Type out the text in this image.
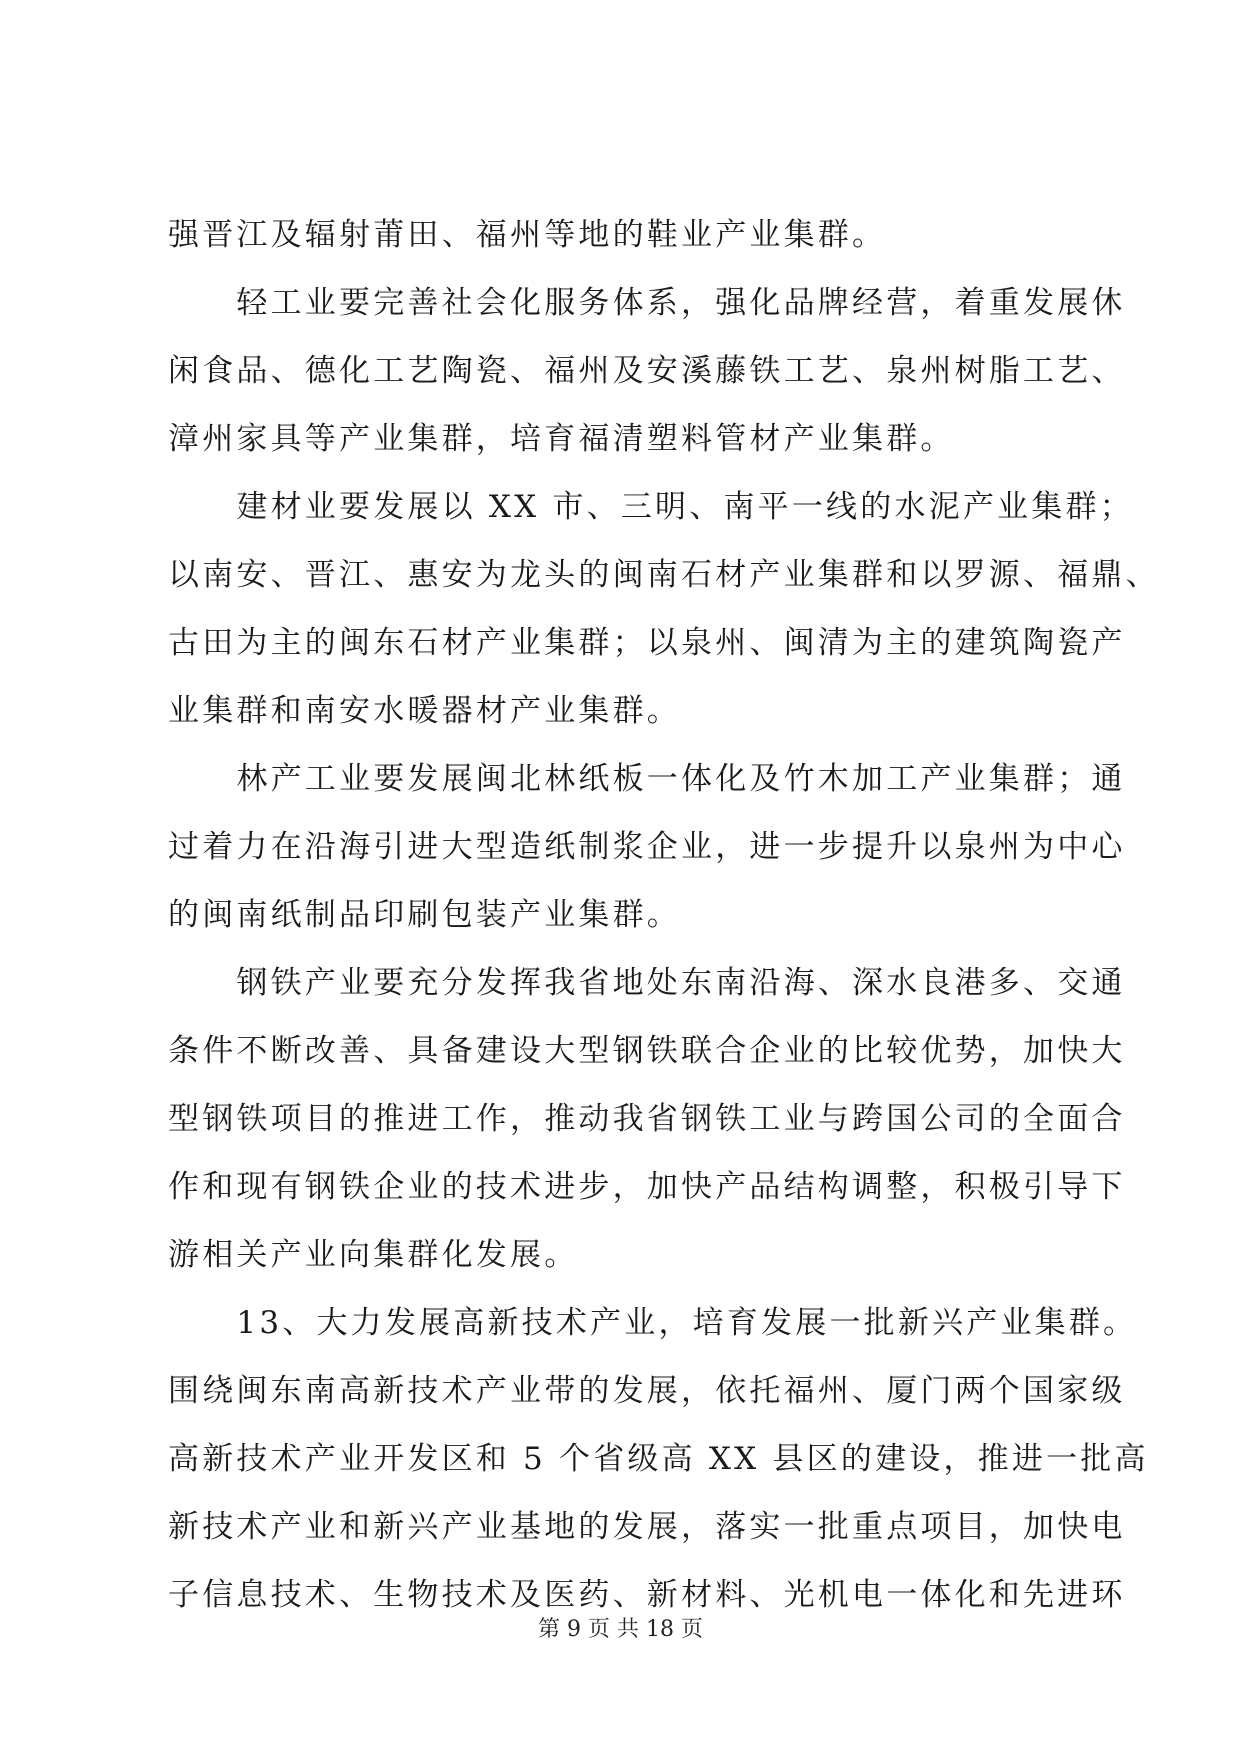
强晋江及辐射莆田、福州等地的鞋业产业集群。
　　轻工业要完善社会化服务体系，强化品牌经营，着重发展休
闲食品、德化工艺陶瓷、福州及安溪藤铁工艺、泉州树脂工艺、
漳州家具等产业集群，培育福清塑料管材产业集群。
　　建材业要发展以 XX 市、三明、南平一线的水泥产业集群；
以南安、晋江、惠安为龙头的闽南石材产业集群和以罗源、福鼎、
古田为主的闽东石材产业集群；以泉州、闽清为主的建筑陶瓷产
业集群和南安水暖器材产业集群。
　　林产工业要发展闽北林纸板一体化及竹木加工产业集群；通
过着力在沿海引进大型造纸制浆企业，进一步提升以泉州为中心
的闽南纸制品印刷包装产业集群。
　　钢铁产业要充分发挥我省地处东南沿海、深水良港多、交通
条件不断改善、具备建设大型钢铁联合企业的比较优势，加快大
型钢铁项目的推进工作，推动我省钢铁工业与跨国公司的全面合
作和现有钢铁企业的技术进步，加快产品结构调整，积极引导下
游相关产业向集群化发展。
　　13、大力发展高新技术产业，培育发展一批新兴产业集群。
围绕闽东南高新技术产业带的发展，依托福州、厦门两个国家级
高新技术产业开发区和 5 个省级高 XX 县区的建设，推进一批高
新技术产业和新兴产业基地的发展，落实一批重点项目，加快电
子信息技术、生物技术及医药、新材料、光机电一体化和先进环
第 9 页 共 18 页
